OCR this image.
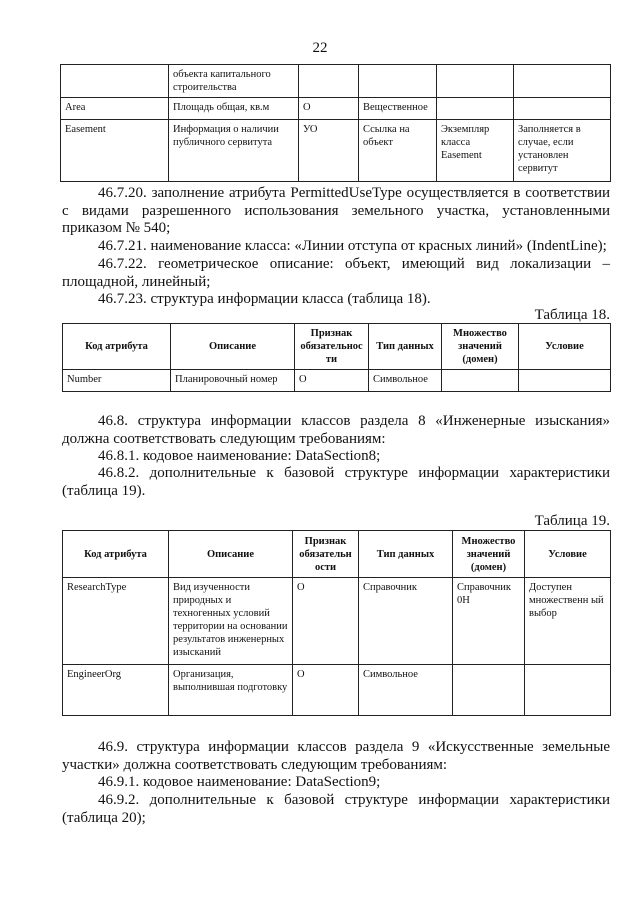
22
	объекта капитального строительства				
Area	Площадь общая, кв.м	О	Вещественное		
Easement	Информация о наличии публичного сервитута	УО	Ссылка на объект	Экземпляр класса Easement	Заполняется в случае, если установлен сервитут

46.7.20. заполнение атрибута PermittedUseType осуществляется в соответствии с видами разрешенного использования земельного участка, установленными приказом № 540;

46.7.21. наименование класса: «Линии отступа от красных линий» (IndentLine);

46.7.22. геометрическое описание: объект, имеющий вид локализации – площадной, линейный;

46.7.23. структура информации класса (таблица 18).

Таблица 18.
Код атрибута	Описание	Признак обязательнос ти	Тип данных	Множество значений (домен)	Условие
Number	Планировочный номер	О	Символьное		

46.8. структура информации классов раздела 8 «Инженерные изыскания» должна соответствовать следующим требованиям:

46.8.1. кодовое наименование: DataSection8;

46.8.2. дополнительные к базовой структуре информации характеристики (таблица 19).

Таблица 19.
Код атрибута	Описание	Признак обязательн ости	Тип данных	Множество значений (домен)	Условие
ResearchType	Вид изученности природных и техногенных условий территории на основании результатов инженерных изысканий	О	Справочник	Справочник 0Н	Доступен множественн ый выбор
EngineerOrg	Организация, выполнившая подготовку	О	Символьное		

46.9. структура информации классов раздела 9 «Искусственные земельные участки» должна соответствовать следующим требованиям:

46.9.1. кодовое наименование: DataSection9;

46.9.2. дополнительные к базовой структуре информации характеристики (таблица 20);
